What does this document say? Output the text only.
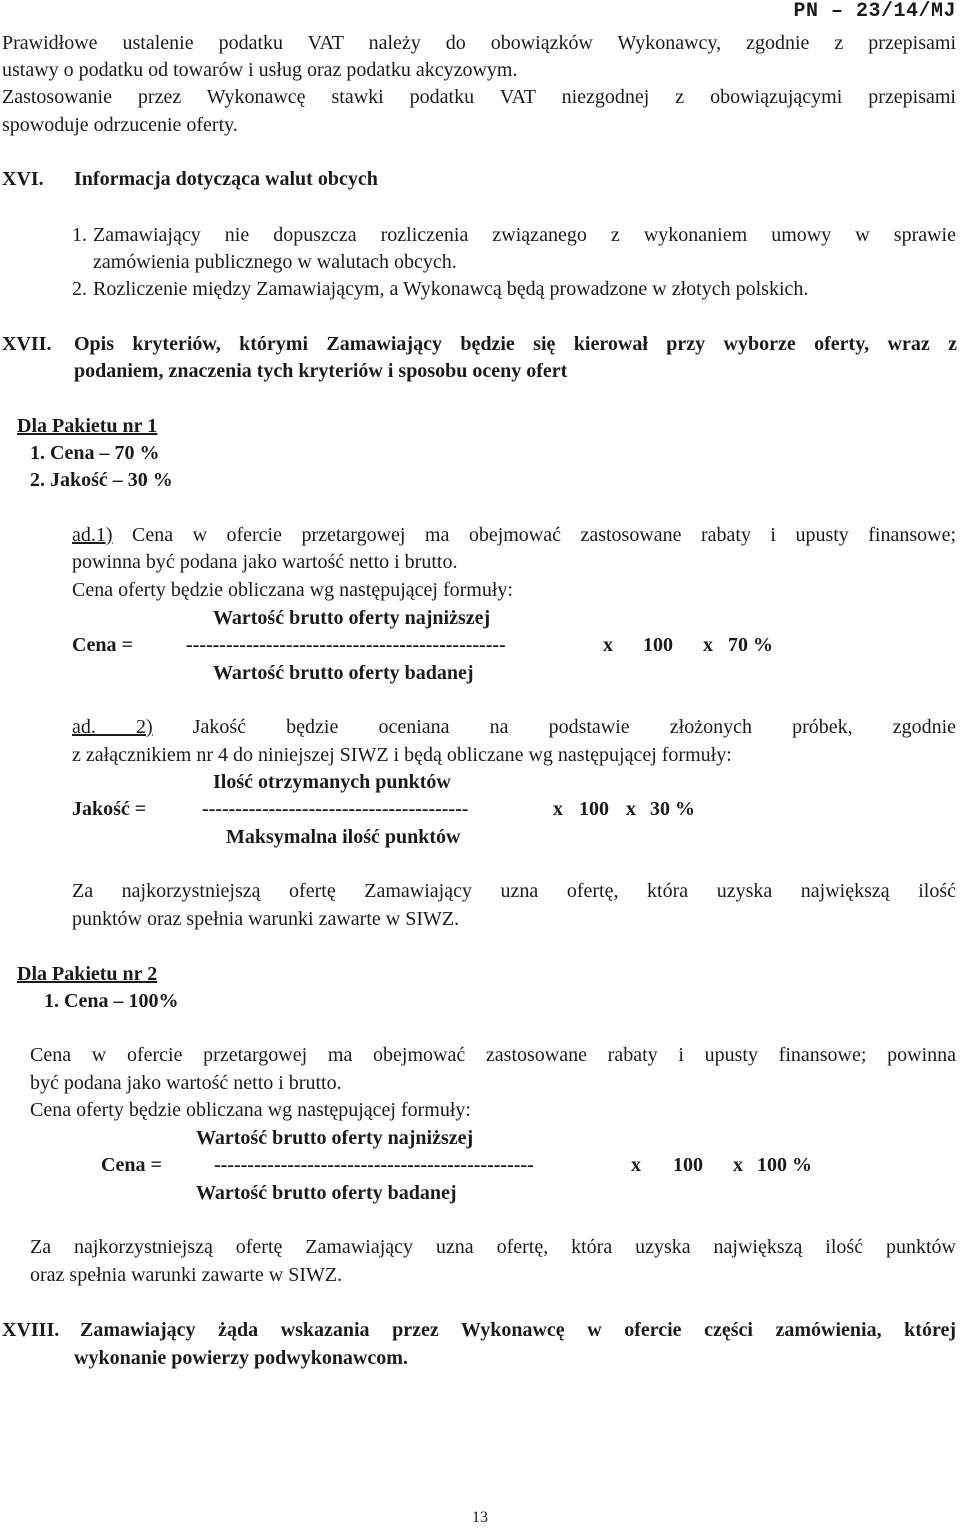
PN – 23/14/MJ
Prawidłowe ustalenie podatku VAT należy do obowiązków Wykonawcy, zgodnie z przepisami
ustawy o podatku od towarów i usług oraz podatku akcyzowym.
Zastosowanie przez Wykonawcę stawki podatku VAT niezgodnej z obowiązującymi przepisami
spowoduje odrzucenie oferty.
XVI. Informacja dotycząca walut obcych
1. Zamawiający nie dopuszcza rozliczenia związanego z wykonaniem umowy w sprawie
zamówienia publicznego w walutach obcych.
2. Rozliczenie między Zamawiającym, a Wykonawcą będą prowadzone w złotych polskich.
XVII. Opis kryteriów, którymi Zamawiający będzie się kierował przy wyborze oferty, wraz z
podaniem, znaczenia tych kryteriów i sposobu oceny ofert
Dla Pakietu nr 1
1. Cena – 70 %
2. Jakość – 30 %
ad.1) Cena w ofercie przetargowej ma obejmować zastosowane rabaty i upusty finansowe;
powinna być podana jako wartość netto i brutto.
Cena oferty będzie obliczana wg następującej formuły:
Wartość brutto oferty najniższej
Cena =	------------------------------------------------	x 100 x 70 %
Wartość brutto oferty badanej
ad. 2) Jakość będzie oceniana na podstawie złożonych próbek, zgodnie
z załącznikiem nr 4 do niniejszej SIWZ i będą obliczane wg następującej formuły:
Ilość otrzymanych punktów
Jakość =	----------------------------------------	x 100 x 30 %
Maksymalna ilość punktów
Za najkorzystniejszą ofertę Zamawiający uzna ofertę, która uzyska największą ilość
punktów oraz spełnia warunki zawarte w SIWZ.
Dla Pakietu nr 2
1. Cena – 100%
Cena w ofercie przetargowej ma obejmować zastosowane rabaty i upusty finansowe; powinna
być podana jako wartość netto i brutto.
Cena oferty będzie obliczana wg następującej formuły:
Wartość brutto oferty najniższej
Cena =	------------------------------------------------	x 100 x 100 %
Wartość brutto oferty badanej
Za najkorzystniejszą ofertę Zamawiający uzna ofertę, która uzyska największą ilość punktów
oraz spełnia warunki zawarte w SIWZ.
XVIII. Zamawiający żąda wskazania przez Wykonawcę w ofercie części zamówienia, której
wykonanie powierzy podwykonawcom.
13
